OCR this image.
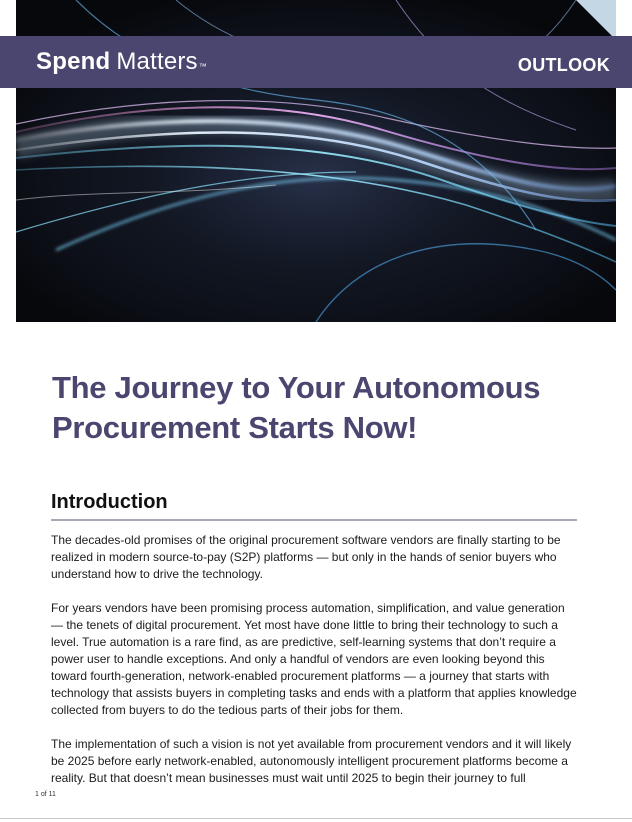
Spend Matters ™	OUTLOOK
The Journey to Your Autonomous
Procurement Starts Now!
Introduction

The decades-old promises of the original procurement software vendors are finally starting to be realized in modern source-to-pay (S2P) platforms — but only in the hands of senior buyers who understand how to drive the technology.

For years vendors have been promising process automation, simplification, and value generation — the tenets of digital procurement. Yet most have done little to bring their technology to such a level. True automation is a rare find, as are predictive, self-learning systems that don’t require a power user to handle exceptions. And only a handful of vendors are even looking beyond this toward fourth-generation, network-enabled procurement platforms — a journey that starts with technology that assists buyers in completing tasks and ends with a platform that applies knowledge collected from buyers to do the tedious parts of their jobs for them.

The implementation of such a vision is not yet available from procurement vendors and it will likely be 2025 before early network-enabled, autonomously intelligent procurement platforms become a reality. But that doesn’t mean businesses must wait until 2025 to begin their journey to full

1 of 11
